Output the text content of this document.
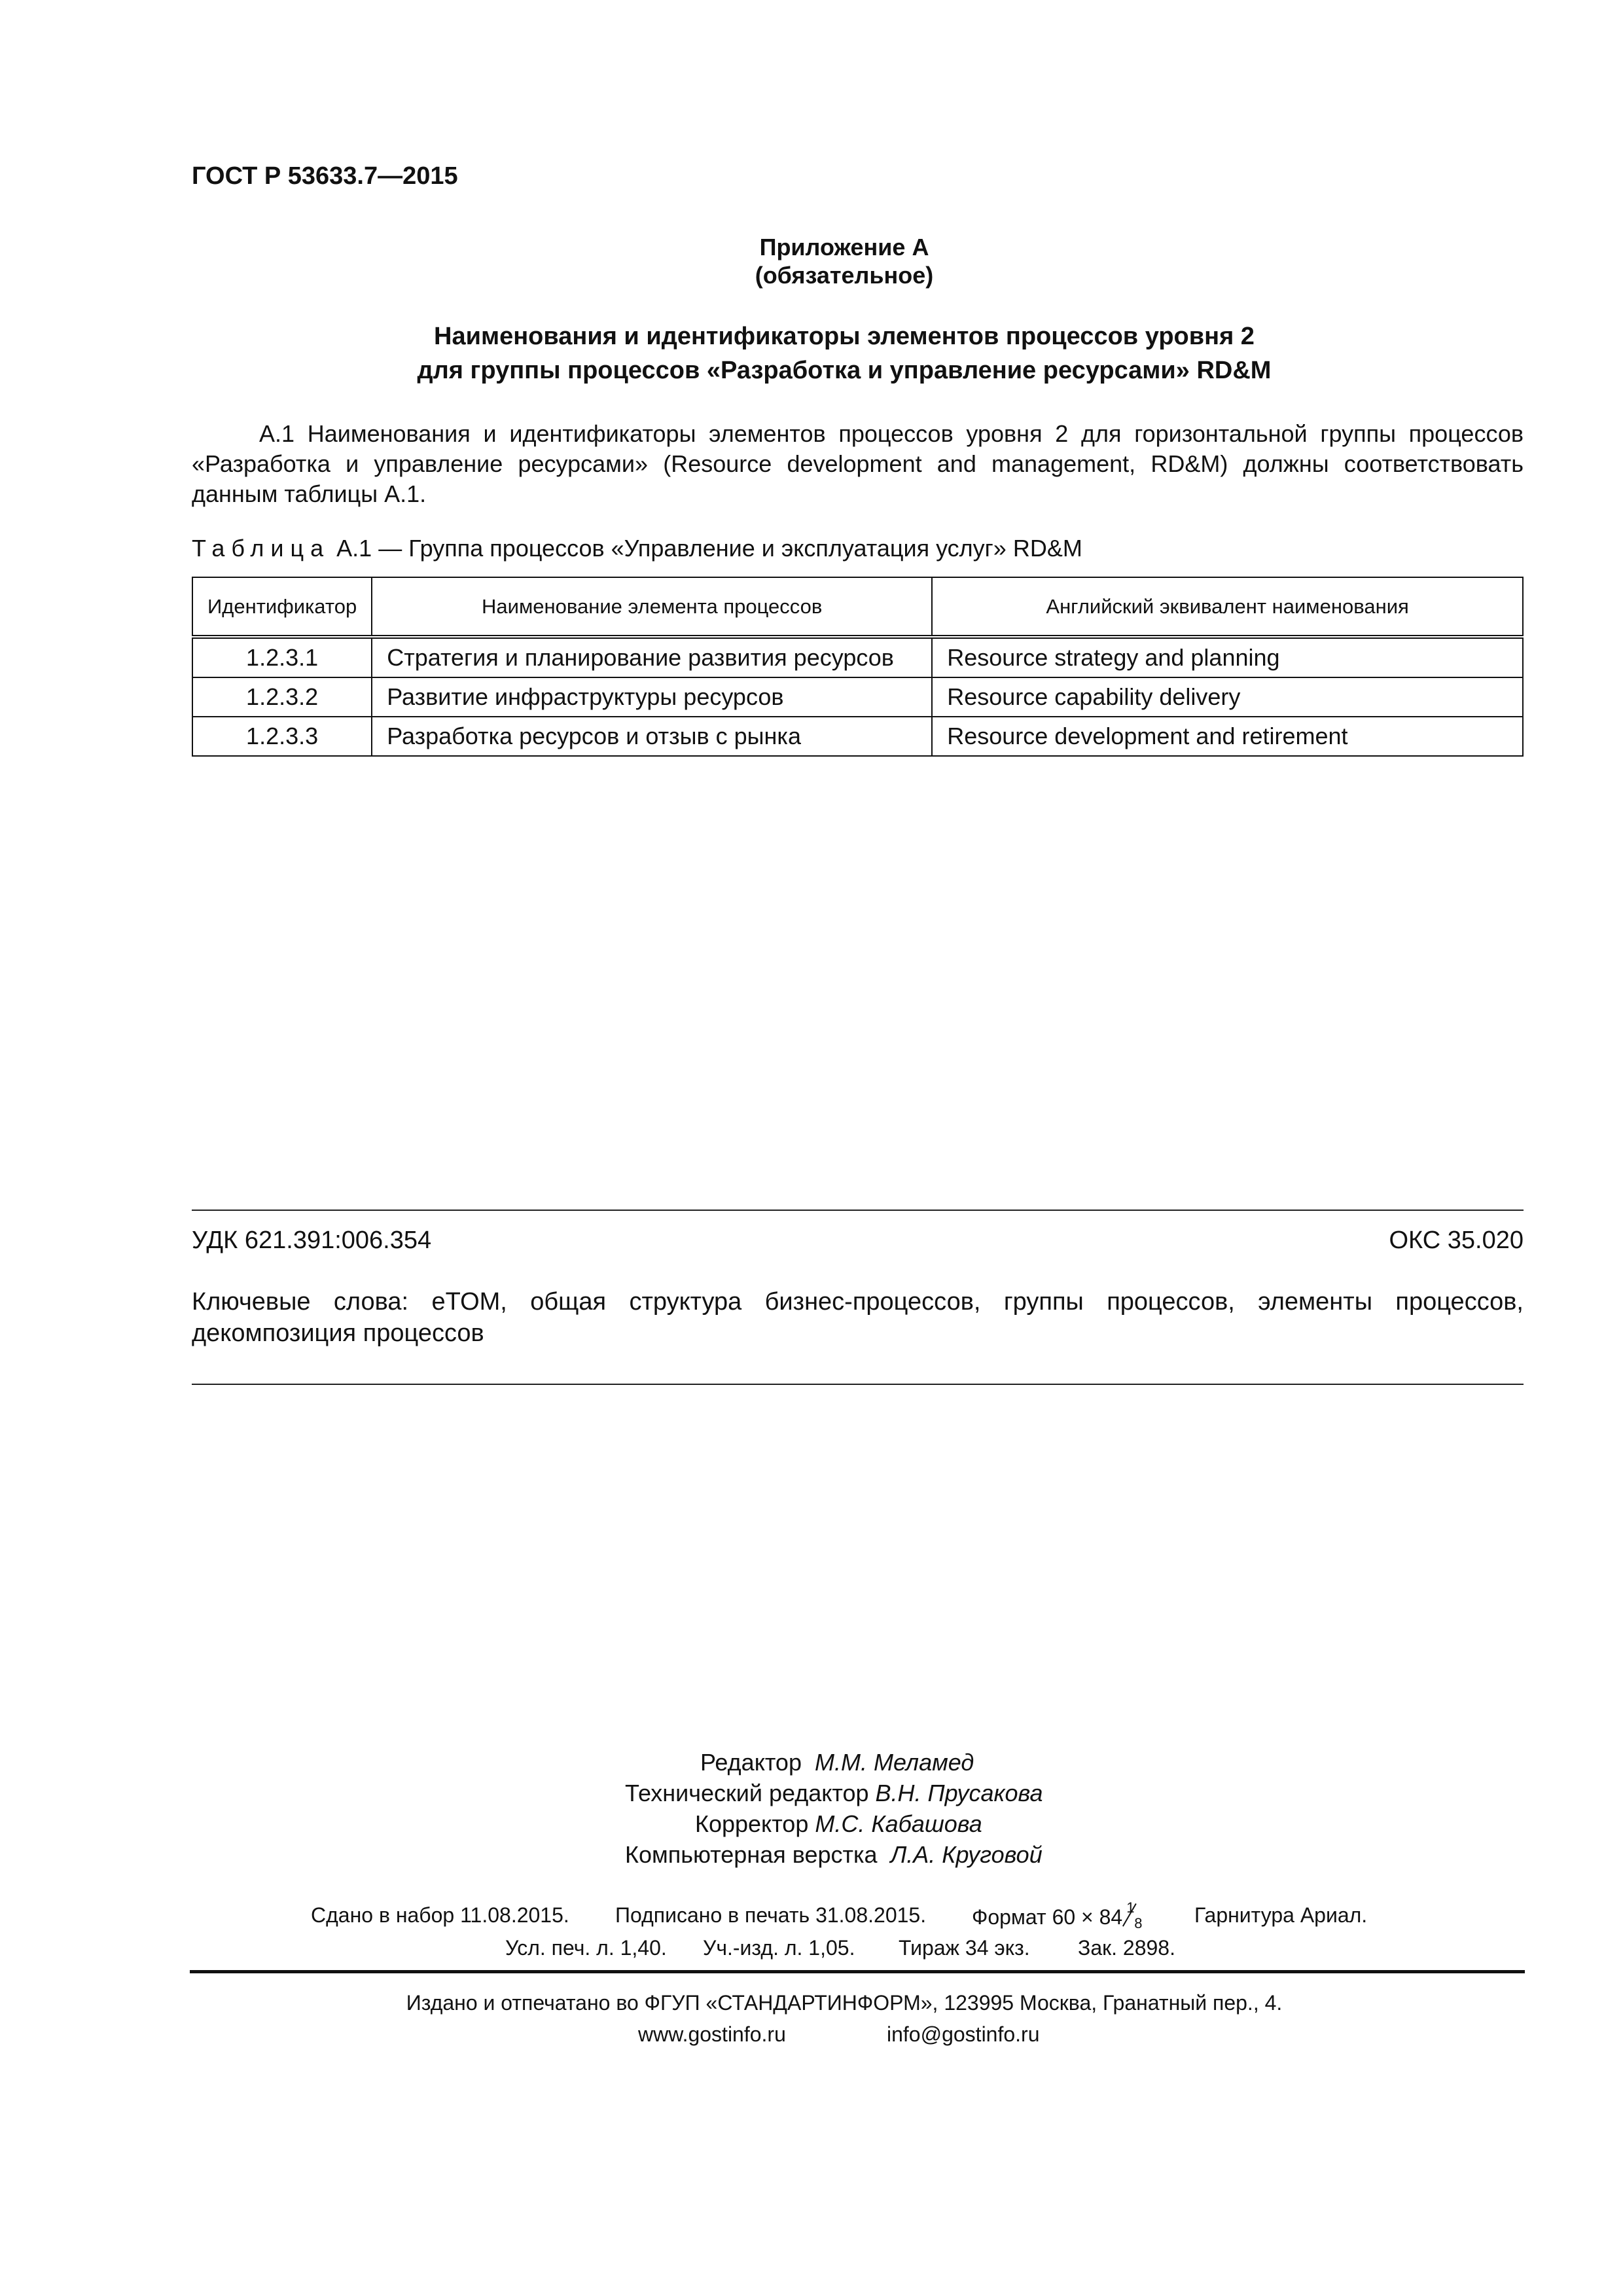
ГОСТ Р 53633.7—2015
Приложение А
(обязательное)
Наименования и идентификаторы элементов процессов уровня 2
для группы процессов «Разработка и управление ресурсами» RD&M
А.1 Наименования и идентификаторы элементов процессов уровня 2 для горизонтальной группы процессов
«Разработка и управление ресурсами» (Resource development and management, RD&M) должны соответствовать
данным таблицы А.1.
Таблица А.1 — Группа процессов «Управление и эксплуатация услуг» RD&M
Идентификатор	Наименование элемента процессов	Английский эквивалент наименования
1.2.3.1	Стратегия и планирование развития ресурсов	Resource strategy and planning
1.2.3.2	Развитие инфраструктуры ресурсов	Resource capability delivery
1.2.3.3	Разработка ресурсов и отзыв с рынка	Resource development and retirement
УДК 621.391:006.354	ОКС 35.020
Ключевые слова: eTOM, общая структура бизнес-процессов, группы процессов, элементы процессов,
декомпозиция процессов
Редактор М.М. Меламед
Технический редактор В.Н. Прусакова
Корректор М.С. Кабашова
Компьютерная верстка Л.А. Круговой
Сдано в набор 11.08.2015. Подписано в печать 31.08.2015. Формат 60 × 84 1
8 Гарнитура Ариал.
Усл. печ. л. 1,40. Уч.-изд. л. 1,05. Тираж 34 экз. Зак. 2898.
Издано и отпечатано во ФГУП «СТАНДАРТИНФОРМ», 123995 Москва, Гранатный пер., 4.
www.gostinfo.ru	info@gostinfo.ru
